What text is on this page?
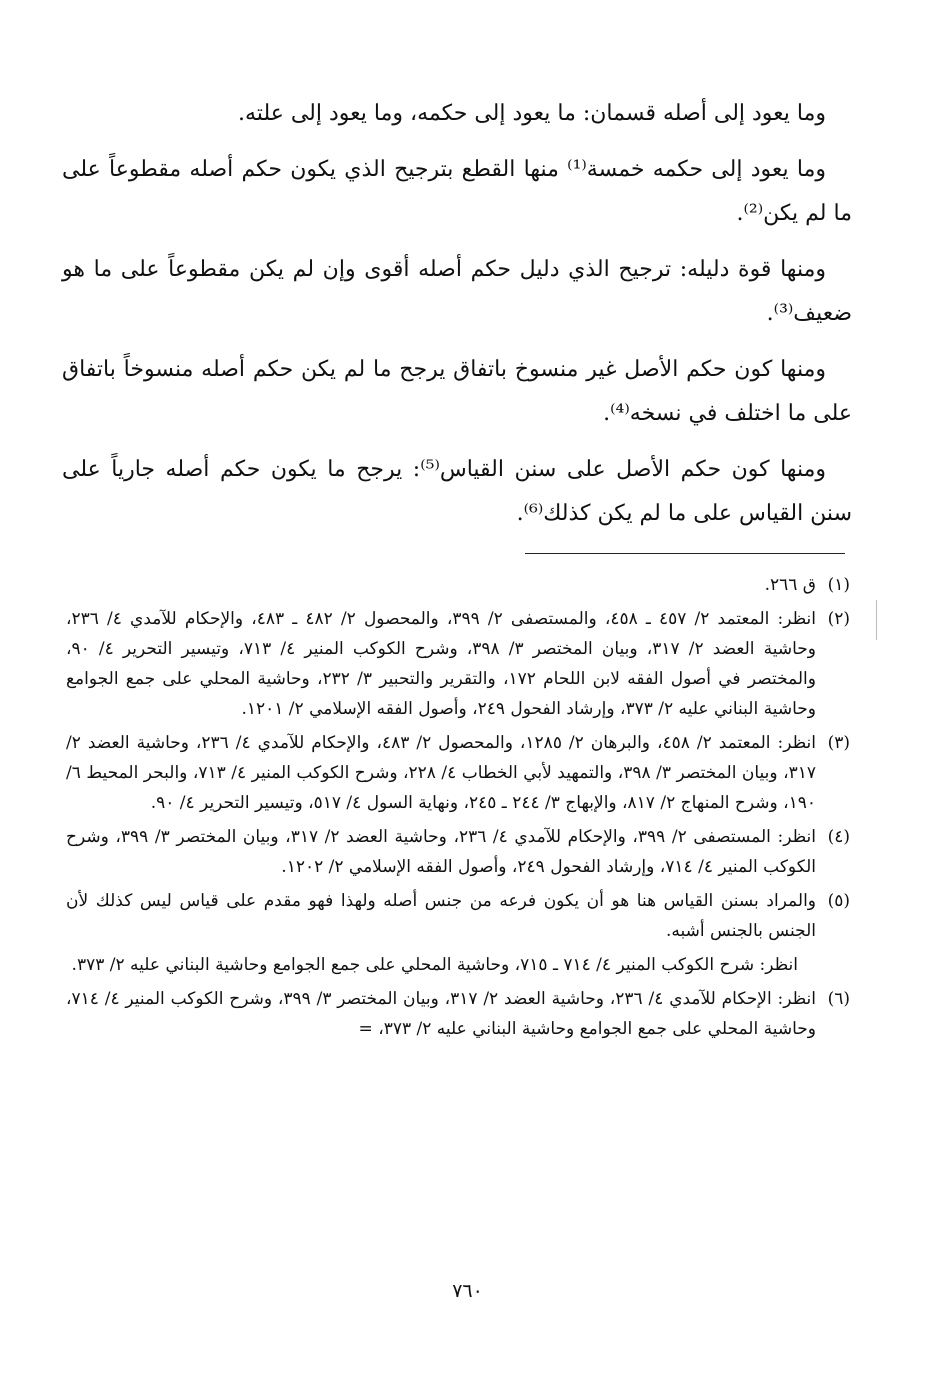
وما يعود إلى أصله قسمان: ما يعود إلى حكمه، وما يعود إلى علته.

وما يعود إلى حكمه خمسة⁽¹⁾ منها القطع بترجيح الذي يكون حكم أصله مقطوعاً على ما لم يكن⁽²⁾.

ومنها قوة دليله: ترجيح الذي دليل حكم أصله أقوى وإن لم يكن مقطوعاً على ما هو ضعيف⁽³⁾.

ومنها كون حكم الأصل غير منسوخ باتفاق يرجح ما لم يكن حكم أصله منسوخاً باتفاق على ما اختلف في نسخه⁽⁴⁾.

ومنها كون حكم الأصل على سنن القياس⁽⁵⁾: يرجح ما يكون حكم أصله جارياً على سنن القياس على ما لم يكن كذلك⁽⁶⁾.

(١)
ق ٢٦٦.
(٢)
انظر: المعتمد ٢/ ٤٥٧ ـ ٤٥٨، والمستصفى ٢/ ٣٩٩، والمحصول ٢/ ٤٨٢ ـ ٤٨٣، والإحكام للآمدي ٤/ ٢٣٦، وحاشية العضد ٢/ ٣١٧، وبيان المختصر ٣/ ٣٩٨، وشرح الكوكب المنير ٤/ ٧١٣، وتيسير التحرير ٤/ ٩٠، والمختصر في أصول الفقه لابن اللحام ١٧٢، والتقرير والتحبير ٣/ ٢٣٢، وحاشية المحلي على جمع الجوامع وحاشية البناني عليه ٢/ ٣٧٣، وإرشاد الفحول ٢٤٩، وأصول الفقه الإسلامي ٢/ ١٢٠١.
(٣)
انظر: المعتمد ٢/ ٤٥٨، والبرهان ٢/ ١٢٨٥، والمحصول ٢/ ٤٨٣، والإحكام للآمدي ٤/ ٢٣٦، وحاشية العضد ٢/ ٣١٧، وبيان المختصر ٣/ ٣٩٨، والتمهيد لأبي الخطاب ٤/ ٢٢٨، وشرح الكوكب المنير ٤/ ٧١٣، والبحر المحيط ٦/ ١٩٠، وشرح المنهاج ٢/ ٨١٧، والإبهاج ٣/ ٢٤٤ ـ ٢٤٥، ونهاية السول ٤/ ٥١٧، وتيسير التحرير ٤/ ٩٠.
(٤)
انظر: المستصفى ٢/ ٣٩٩، والإحكام للآمدي ٤/ ٢٣٦، وحاشية العضد ٢/ ٣١٧، وبيان المختصر ٣/ ٣٩٩، وشرح الكوكب المنير ٤/ ٧١٤، وإرشاد الفحول ٢٤٩، وأصول الفقه الإسلامي ٢/ ١٢٠٢.
(٥)
والمراد بسنن القياس هنا هو أن يكون فرعه من جنس أصله ولهذا فهو مقدم على قياس ليس كذلك لأن الجنس بالجنس أشبه.
انظر: شرح الكوكب المنير ٤/ ٧١٤ ـ ٧١٥، وحاشية المحلي على جمع الجوامع وحاشية البناني عليه ٢/ ٣٧٣.
(٦)
انظر: الإحكام للآمدي ٤/ ٢٣٦، وحاشية العضد ٢/ ٣١٧، وبيان المختصر ٣/ ٣٩٩، وشرح الكوكب المنير ٤/ ٧١٤، وحاشية المحلي على جمع الجوامع وحاشية البناني عليه ٢/ ٣٧٣، =
٧٦٠
